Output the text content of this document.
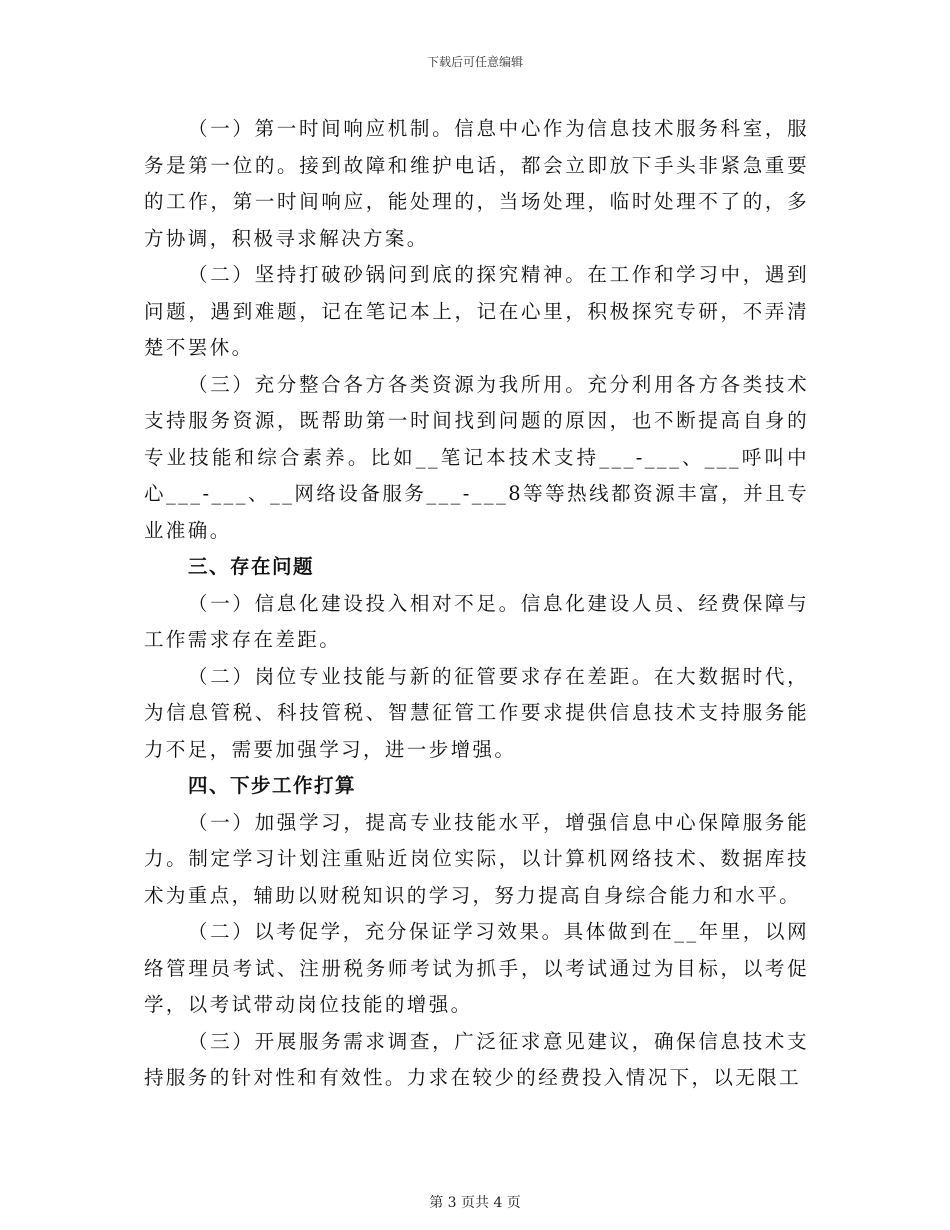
下载后可任意编辑

（一）第一时间响应机制。信息中心作为信息技术服务科室，服务是第一位的。接到故障和维护电话，都会立即放下手头非紧急重要的工作，第一时间响应，能处理的，当场处理，临时处理不了的，多方协调，积极寻求解决方案。

（二）坚持打破砂锅问到底的探究精神。在工作和学习中，遇到问题，遇到难题，记在笔记本上，记在心里，积极探究专研，不弄清楚不罢休。

（三）充分整合各方各类资源为我所用。充分利用各方各类技术支持服务资源，既帮助第一时间找到问题的原因，也不断提高自身的专业技能和综合素养。比如__笔记本技术支持___-___、___呼叫中心___-___、__网络设备服务___-___8等等热线都资源丰富，并且专业准确。

三、存在问题

（一）信息化建设投入相对不足。信息化建设人员、经费保障与工作需求存在差距。

（二）岗位专业技能与新的征管要求存在差距。在大数据时代，为信息管税、科技管税、智慧征管工作要求提供信息技术支持服务能力不足，需要加强学习，进一步增强。

四、下步工作打算

（一）加强学习，提高专业技能水平，增强信息中心保障服务能力。制定学习计划注重贴近岗位实际，以计算机网络技术、数据库技术为重点，辅助以财税知识的学习，努力提高自身综合能力和水平。

（二）以考促学，充分保证学习效果。具体做到在__年里，以网络管理员考试、注册税务师考试为抓手，以考试通过为目标，以考促学，以考试带动岗位技能的增强。

（三）开展服务需求调查，广泛征求意见建议，确保信息技术支持服务的针对性和有效性。力求在较少的经费投入情况下，以无限工

第 3 页共 4 页
